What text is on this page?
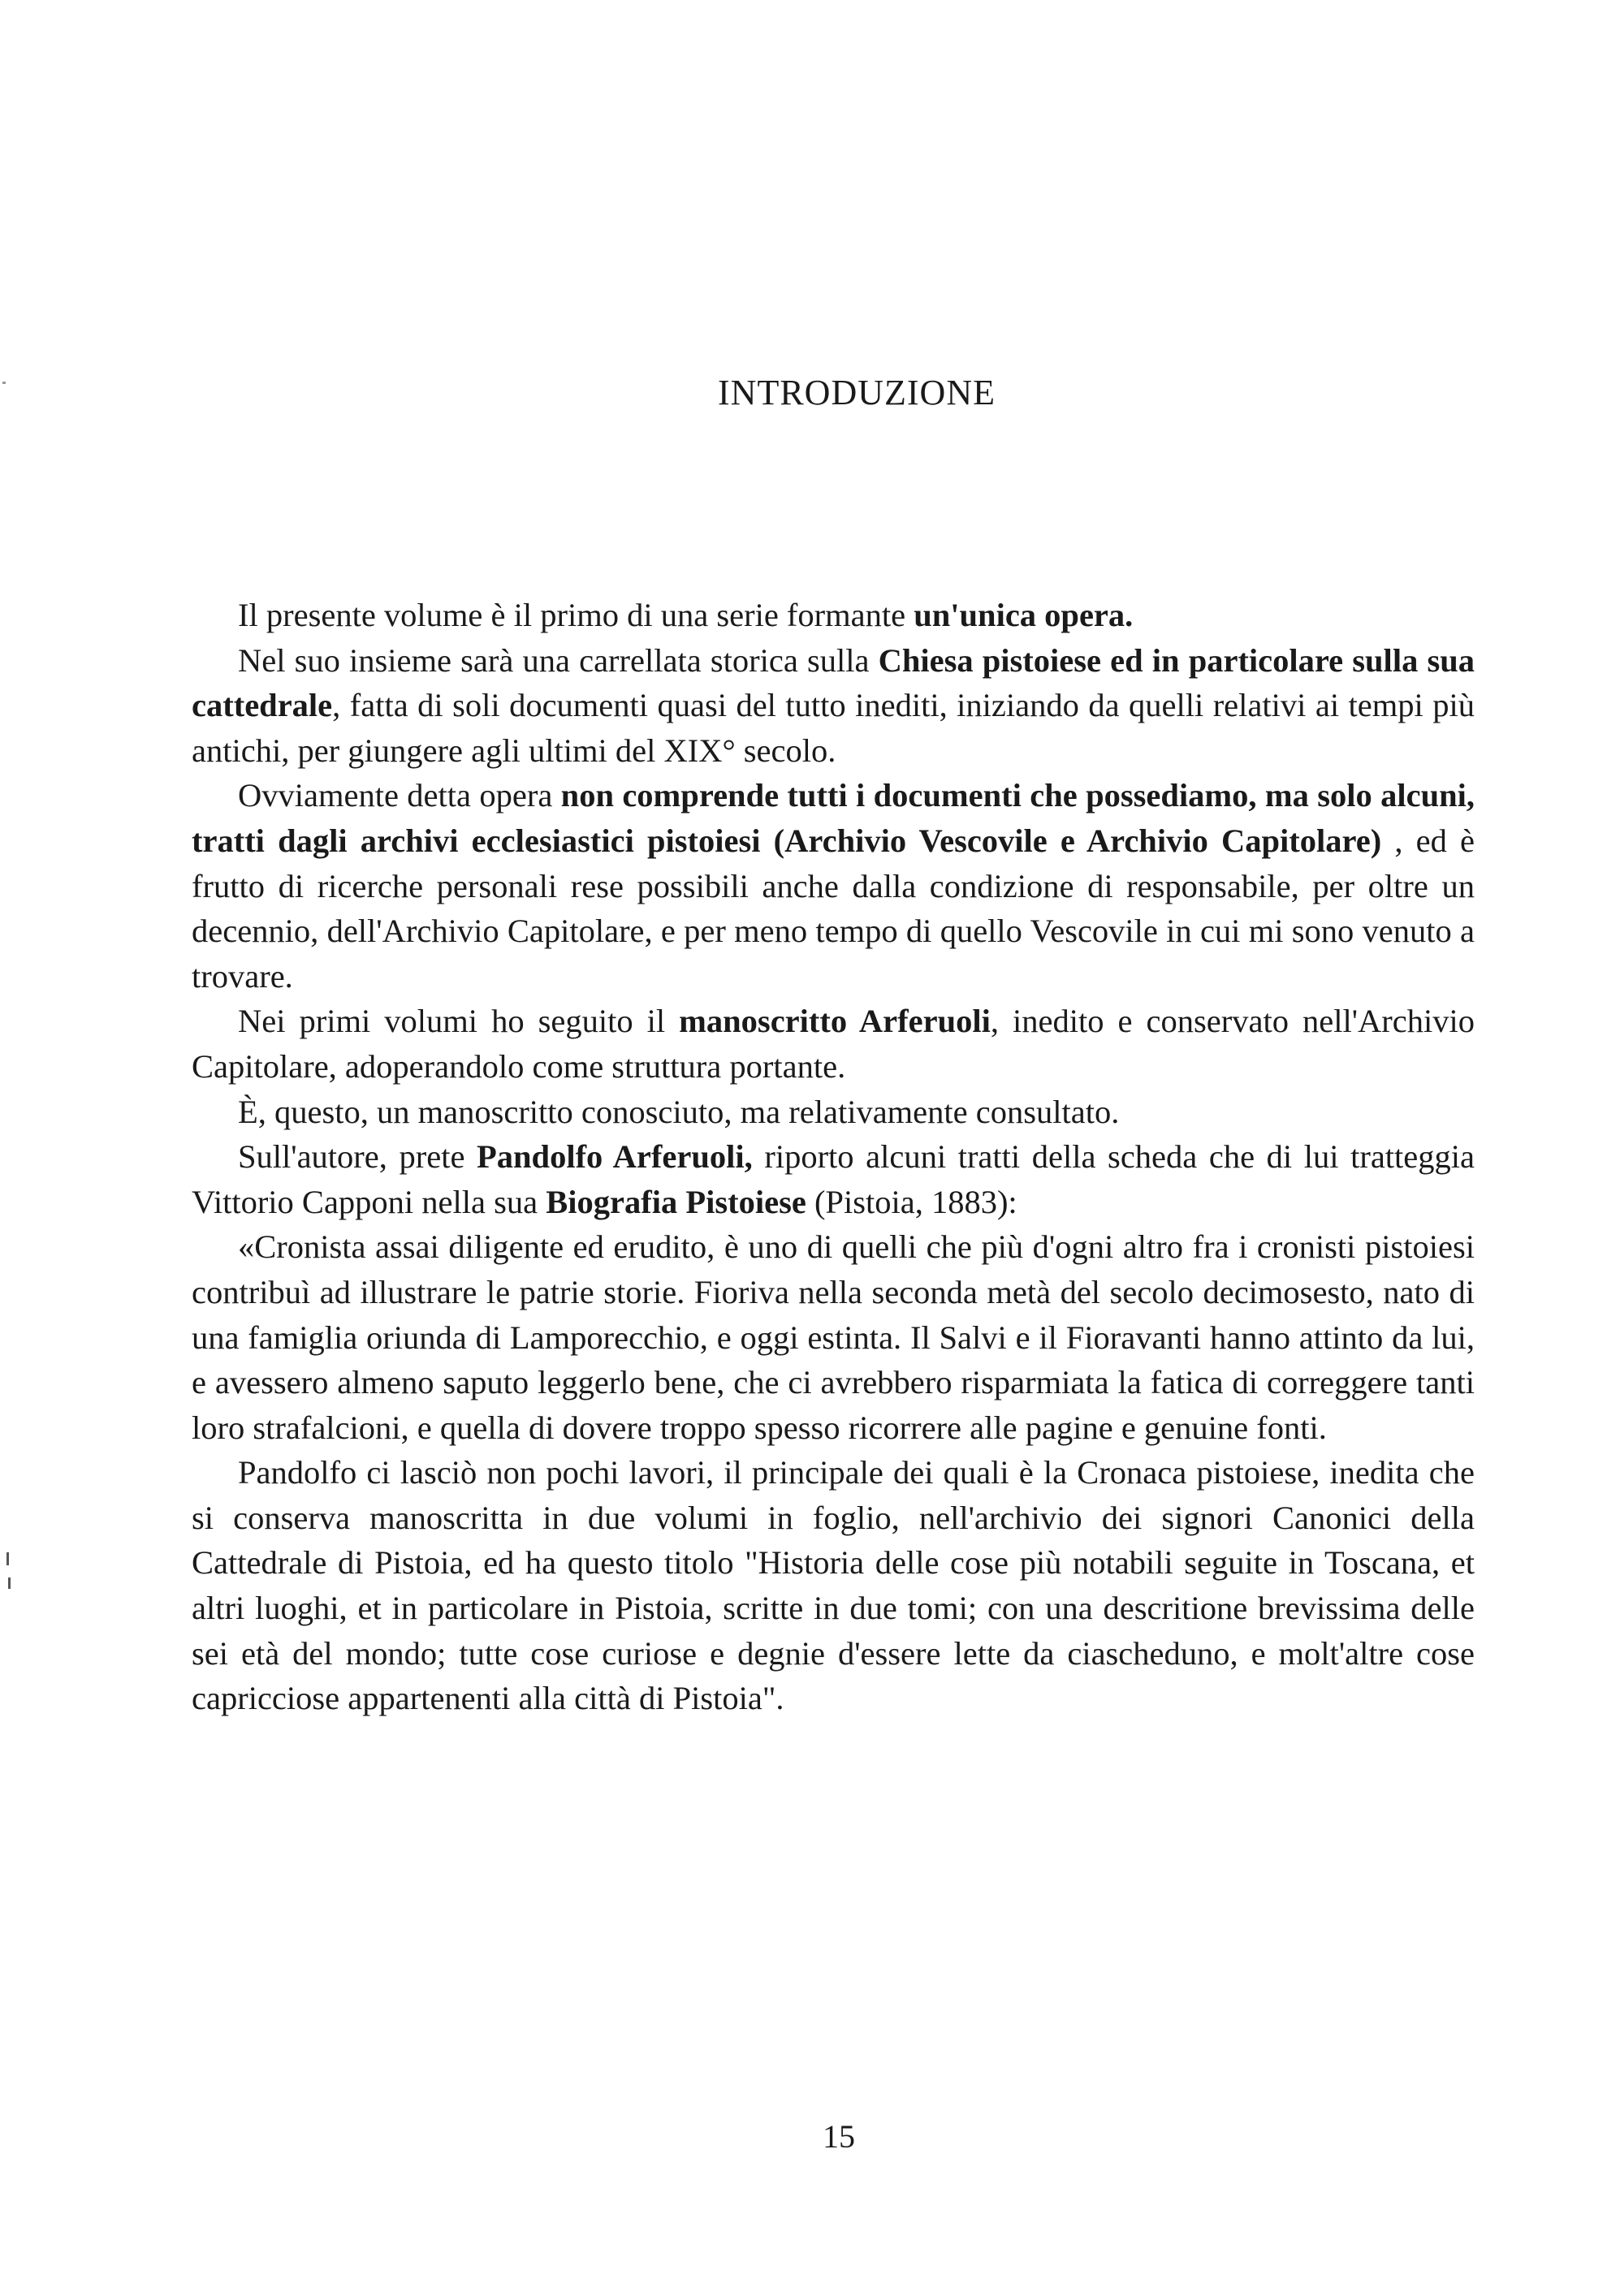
INTRODUZIONE

Il presente volume è il primo di una serie formante un'unica opera.

Nel suo insieme sarà una carrellata storica sulla Chiesa pistoiese ed in particolare sulla sua cattedrale, fatta di soli documenti quasi del tutto inediti, iniziando da quelli relativi ai tempi più antichi, per giungere agli ultimi del XIX° secolo.

Ovviamente detta opera non comprende tutti i documenti che possediamo, ma solo alcuni, tratti dagli archivi ecclesiastici pistoiesi (Archivio Vescovile e Archivio Capitolare) , ed è frutto di ricerche personali rese possibili anche dalla condizione di responsabile, per oltre un decennio, dell'Archivio Capitolare, e per meno tempo di quello Vescovile in cui mi sono venuto a trovare.

Nei primi volumi ho seguito il manoscritto Arferuoli, inedito e conservato nell'Archivio Capitolare, adoperandolo come struttura portante.

È, questo, un manoscritto conosciuto, ma relativamente consultato.

Sull'autore, prete Pandolfo Arferuoli, riporto alcuni tratti della scheda che di lui tratteggia Vittorio Capponi nella sua Biografia Pistoiese (Pistoia, 1883):

«Cronista assai diligente ed erudito, è uno di quelli che più d'ogni altro fra i cronisti pistoiesi contribuì ad illustrare le patrie storie. Fioriva nella seconda metà del secolo decimosesto, nato di una famiglia oriunda di Lamporecchio, e oggi estinta. Il Salvi e il Fioravanti hanno attinto da lui, e avessero almeno saputo leggerlo bene, che ci avrebbero risparmiata la fatica di correggere tanti loro strafalcioni, e quella di dovere troppo spesso ricorrere alle pagine e genuine fonti.

Pandolfo ci lasciò non pochi lavori, il principale dei quali è la Cronaca pistoiese, inedita che si conserva manoscritta in due volumi in foglio, nell'archivio dei signori Canonici della Cattedrale di Pistoia, ed ha questo titolo "Historia delle cose più notabili seguite in Toscana, et altri luoghi, et in particolare in Pistoia, scritte in due tomi; con una descritione brevissima delle sei età del mondo; tutte cose curiose e degnie d'essere lette da ciascheduno, e molt'altre cose capricciose appartenenti alla città di Pistoia".

15
